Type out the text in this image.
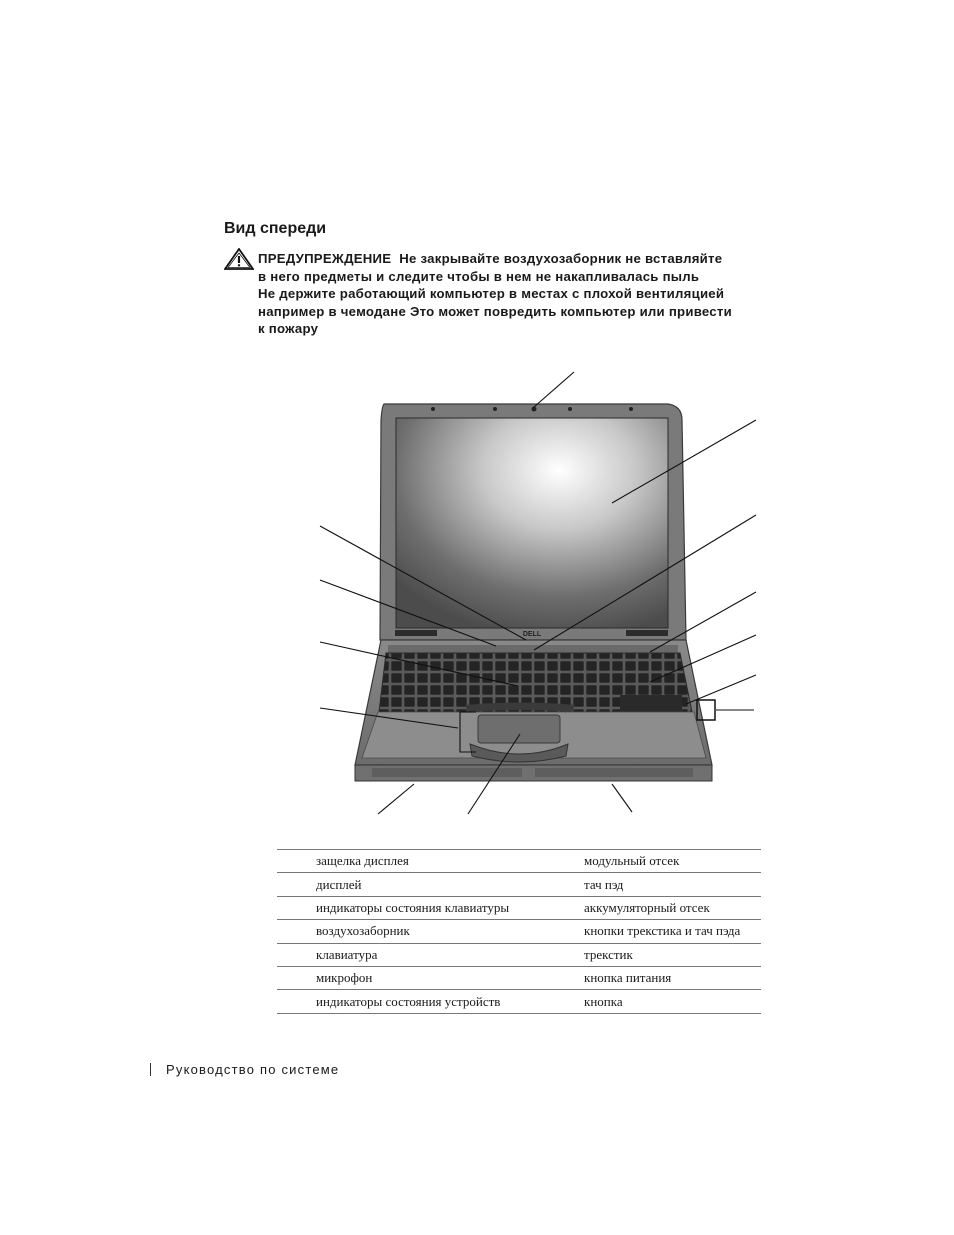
Вид спереди
ПРЕДУПРЕЖДЕНИЕ Не закрывайте воздухозаборник не вставляйте
в него предметы и следите чтобы в нем не накапливалась пыль
Не держите работающий компьютер в местах с плохой вентиляцией
например в чемодане Это может повредить компьютер или привести
к пожару
DELL
защелка дисплея	модульный отсек
дисплей	тач пэд
индикаторы состояния клавиатуры	аккумуляторный отсек
воздухозаборник	кнопки трекстика и тач пэда
клавиатура	трекстик
микрофон	кнопка питания
индикаторы состояния устройств	кнопка
Руководство по системе
